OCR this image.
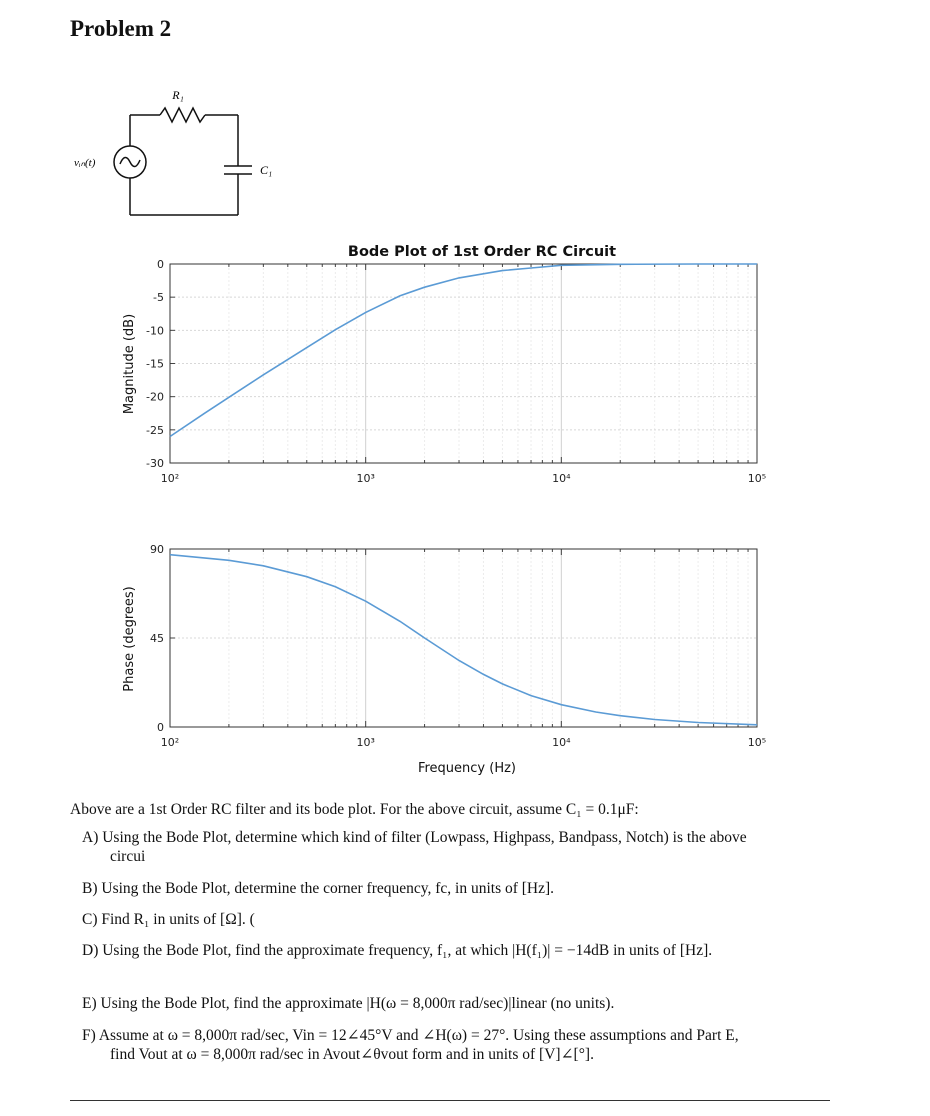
Problem 2
R₁
C₁
vᵢₙ(t)
Bode Plot of 1st Order RC Circuit
Magnitude (dB)
Phase (degrees)
Frequency (Hz)
0
-5
-10
-15
-20
-25
-30
10²	10³	10⁴	10⁵
90
45
0
10²	10³	10⁴	10⁵
Above are a 1st Order RC filter and its bode plot. For the above circuit, assume C₁ = 0.1μF:
A) Using the Bode Plot, determine which kind of filter (Lowpass, Highpass, Bandpass, Notch) is the above
circui
B) Using the Bode Plot, determine the corner frequency, fc, in units of [Hz].
C) Find R₁ in units of [Ω]. (
D) Using the Bode Plot, find the approximate frequency, f₁, at which |H(f₁)| = −14dB in units of [Hz].
E) Using the Bode Plot, find the approximate |H(ω = 8,000π rad/sec)|linear (no units).
F) Assume at ω = 8,000π rad/sec, Vin = 12∠45°V and ∠H(ω) = 27°. Using these assumptions and Part E,
find Vout at ω = 8,000π rad/sec in Avout∠θvout form and in units of [V]∠[°].
